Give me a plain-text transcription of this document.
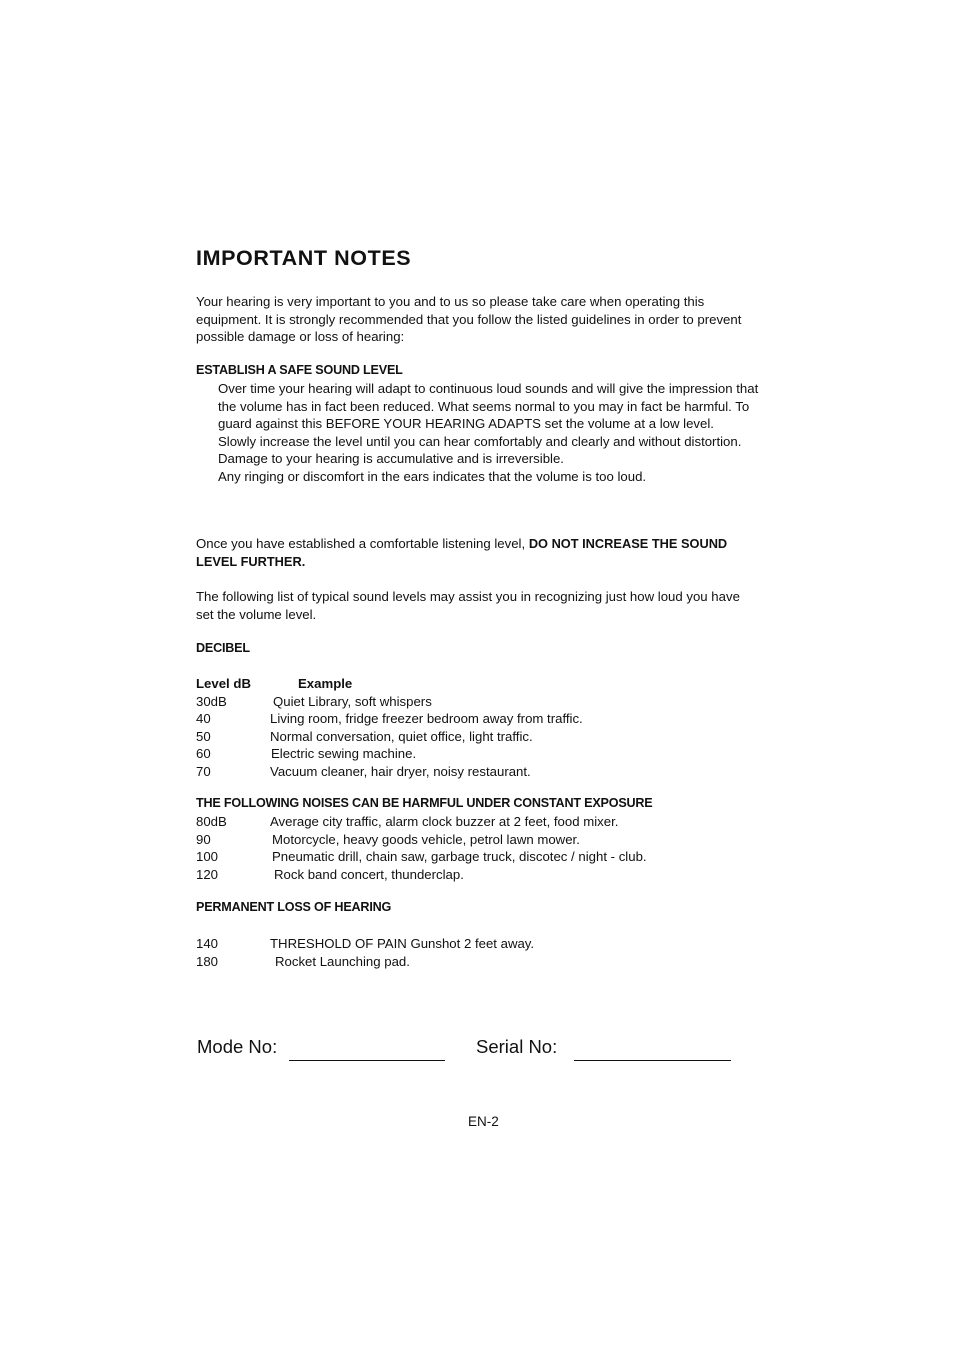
IMPORTANT NOTES

Your hearing is very important to you and to us so please take care when operating this equipment. It is strongly recommended that you follow the listed guidelines in order to prevent possible damage or loss of hearing:

ESTABLISH A SAFE SOUND LEVEL
Over time your hearing will adapt to continuous loud sounds and will give the impression that the volume has in fact been reduced. What seems normal to you may in fact be harmful. To guard against this BEFORE YOUR HEARING ADAPTS set the volume at a low level.
Slowly increase the level until you can hear comfortably and clearly and without distortion.
Damage to your hearing is accumulative and is irreversible.
Any ringing or discomfort in the ears indicates that the volume is too loud.

Once you have established a comfortable listening level, DO NOT INCREASE THE SOUND LEVEL FURTHER.

The following list of typical sound levels may assist you in recognizing just how loud you have set the volume level.

DECIBEL
Level dB	Example
30dB	Quiet Library, soft whispers
40	Living room, fridge freezer bedroom away from traffic.
50	Normal conversation, quiet office, light traffic.
60	Electric sewing machine.
70	Vacuum cleaner, hair dryer, noisy restaurant.
THE FOLLOWING NOISES CAN BE HARMFUL UNDER CONSTANT EXPOSURE
80dB	Average city traffic, alarm clock buzzer at 2 feet, food mixer.
90	Motorcycle, heavy goods vehicle, petrol lawn mower.
100	Pneumatic drill, chain saw, garbage truck, discotec / night - club.
120	Rock band concert, thunderclap.
PERMANENT LOSS OF HEARING
140	THRESHOLD OF PAIN Gunshot 2 feet away.
180	Rocket Launching pad.
Mode No:	Serial No:
EN-2
